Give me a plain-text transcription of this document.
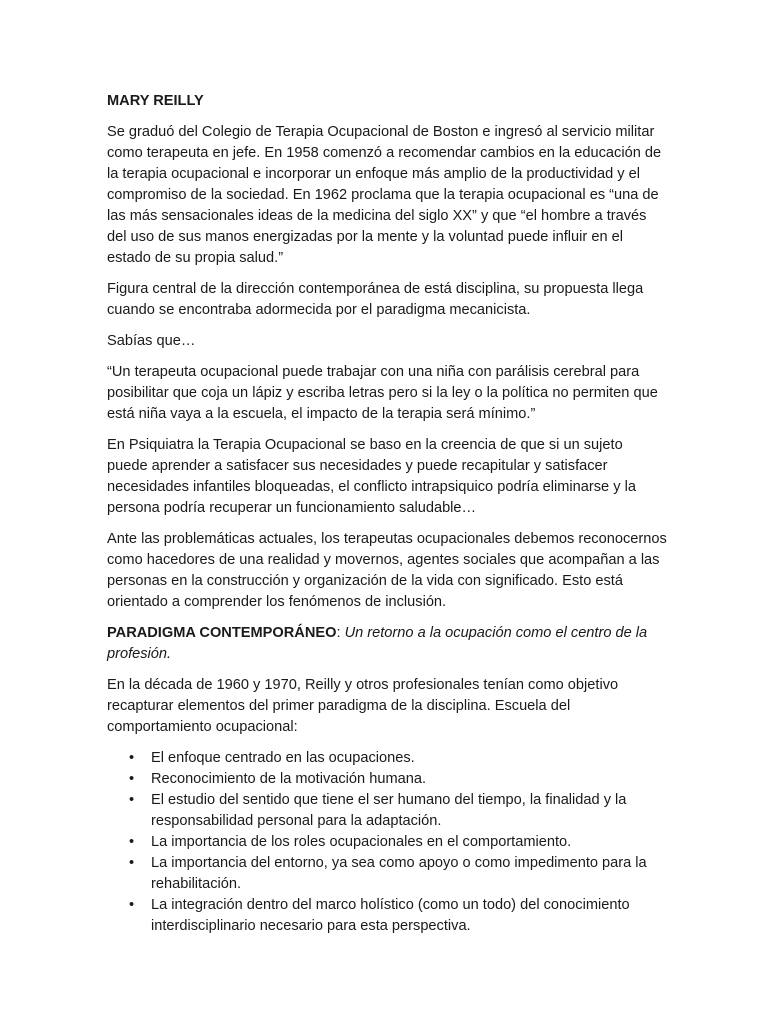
MARY REILLY

Se graduó del Colegio de Terapia Ocupacional de Boston e ingresó al servicio militar como terapeuta en jefe. En 1958 comenzó a recomendar cambios en la educación de la terapia ocupacional e incorporar un enfoque más amplio de la productividad y el compromiso de la sociedad. En 1962 proclama que la terapia ocupacional es “una de las más sensacionales ideas de la medicina del siglo XX” y que “el hombre a través del uso de sus manos energizadas por la mente y la voluntad puede influir en el estado de su propia salud.”

Figura central de la dirección contemporánea de está disciplina, su propuesta llega cuando se encontraba adormecida por el paradigma mecanicista.

Sabías que…

“Un terapeuta ocupacional puede trabajar con una niña con parálisis cerebral para posibilitar que coja un lápiz y escriba letras pero si la ley o la política no permiten que está niña vaya a la escuela, el impacto de la terapia será mínimo.”

En Psiquiatra la Terapia Ocupacional se baso en la creencia de que si un sujeto puede aprender a satisfacer sus necesidades y puede recapitular y satisfacer necesidades infantiles bloqueadas, el conflicto intrapsiquico podría eliminarse y la persona podría recuperar un funcionamiento saludable…

Ante las problemáticas actuales, los terapeutas ocupacionales debemos reconocernos como hacedores de una realidad y movernos, agentes sociales que acompañan a las personas en la construcción y organización de la vida con significado. Esto está orientado a comprender los fenómenos de inclusión.

PARADIGMA CONTEMPORÁNEO: Un retorno a la ocupación como el centro de la profesión.

En la década de 1960 y 1970, Reilly y otros profesionales tenían como objetivo recapturar elementos del primer paradigma de la disciplina. Escuela del comportamiento ocupacional:

• El enfoque centrado en las ocupaciones.
• Reconocimiento de la motivación humana.
• El estudio del sentido que tiene el ser humano del tiempo, la finalidad y la responsabilidad personal para la adaptación.
• La importancia de los roles ocupacionales en el comportamiento.
• La importancia del entorno, ya sea como apoyo o como impedimento para la rehabilitación.
• La integración dentro del marco holístico (como un todo) del conocimiento interdisciplinario necesario para esta perspectiva.
